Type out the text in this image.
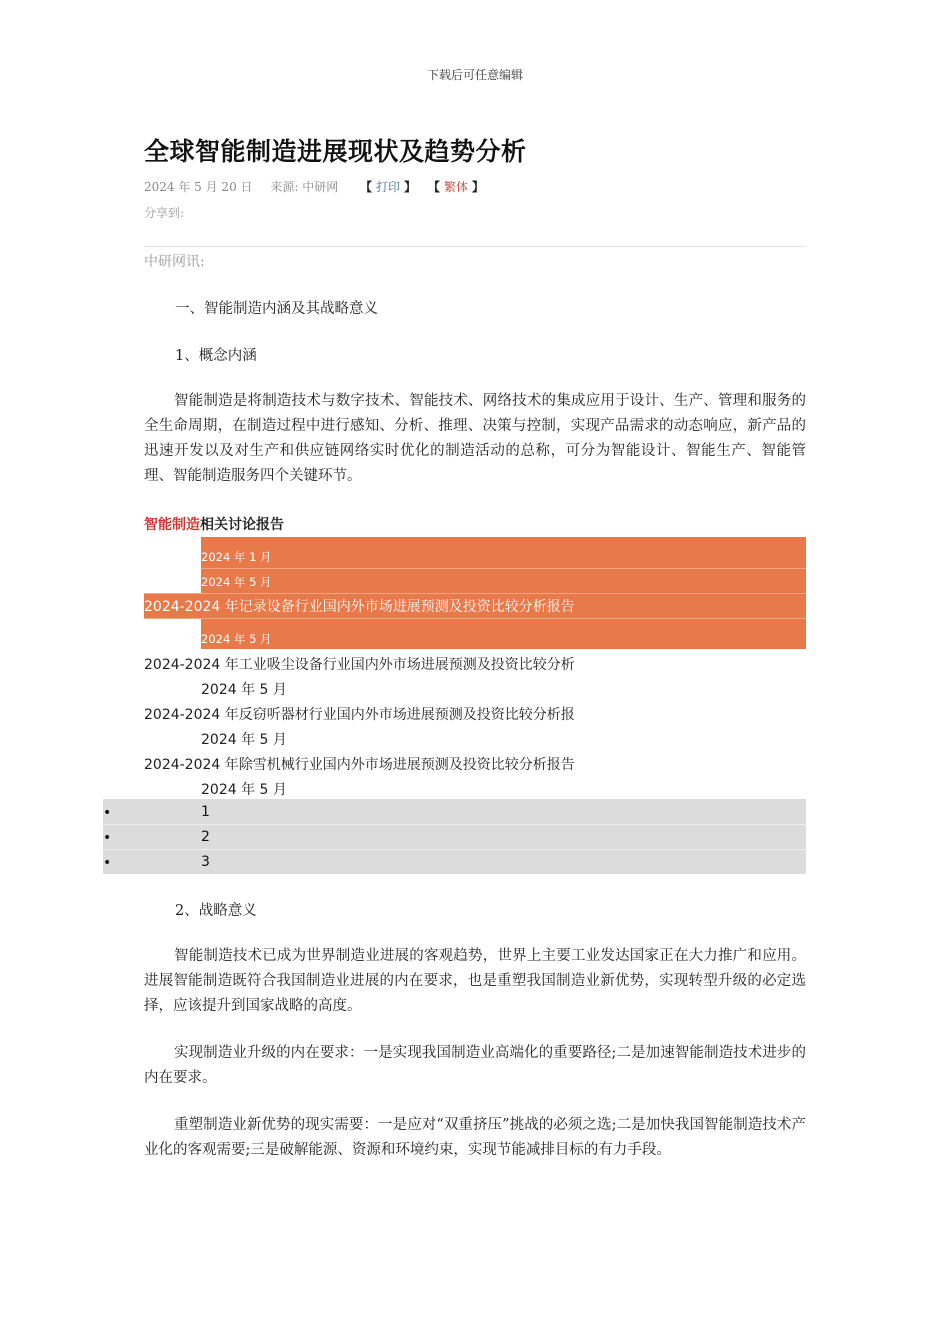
下载后可任意编辑
全球智能制造进展现状及趋势分析
2024 年 5 月 20 日 来源: 中研网 【 打印 】 【 繁体 】
分享到:
中研网讯:
一、智能制造内涵及其战略意义
1、概念内涵
智能制造是将制造技术与数字技术、智能技术、网络技术的集成应用于设计、生产、管理和服务的全生命周期，在制造过程中进行感知、分析、推理、决策与控制，实现产品需求的动态响应，新产品的迅速开发以及对生产和供应链网络实时优化的制造活动的总称，可分为智能设计、智能生产、智能管理、智能制造服务四个关键环节。
智能制造相关讨论报告
2024 年 1 月
2024 年 5 月
2024-2024 年记录设备行业国内外市场进展预测及投资比较分析报告
2024 年 5 月
2024-2024 年工业吸尘设备行业国内外市场进展预测及投资比较分析
2024 年 5 月
2024-2024 年反窃听器材行业国内外市场进展预测及投资比较分析报
2024 年 5 月
2024-2024 年除雪机械行业国内外市场进展预测及投资比较分析报告
2024 年 5 月
•	1
•	2
•	3
2、战略意义
智能制造技术已成为世界制造业进展的客观趋势，世界上主要工业发达国家正在大力推广和应用。进展智能制造既符合我国制造业进展的内在要求，也是重塑我国制造业新优势，实现转型升级的必定选择，应该提升到国家战略的高度。
实现制造业升级的内在要求：一是实现我国制造业高端化的重要路径;二是加速智能制造技术进步的内在要求。
重塑制造业新优势的现实需要：一是应对“双重挤压”挑战的必须之选;二是加快我国智能制造技术产业化的客观需要;三是破解能源、资源和环境约束，实现节能减排目标的有力手段。
